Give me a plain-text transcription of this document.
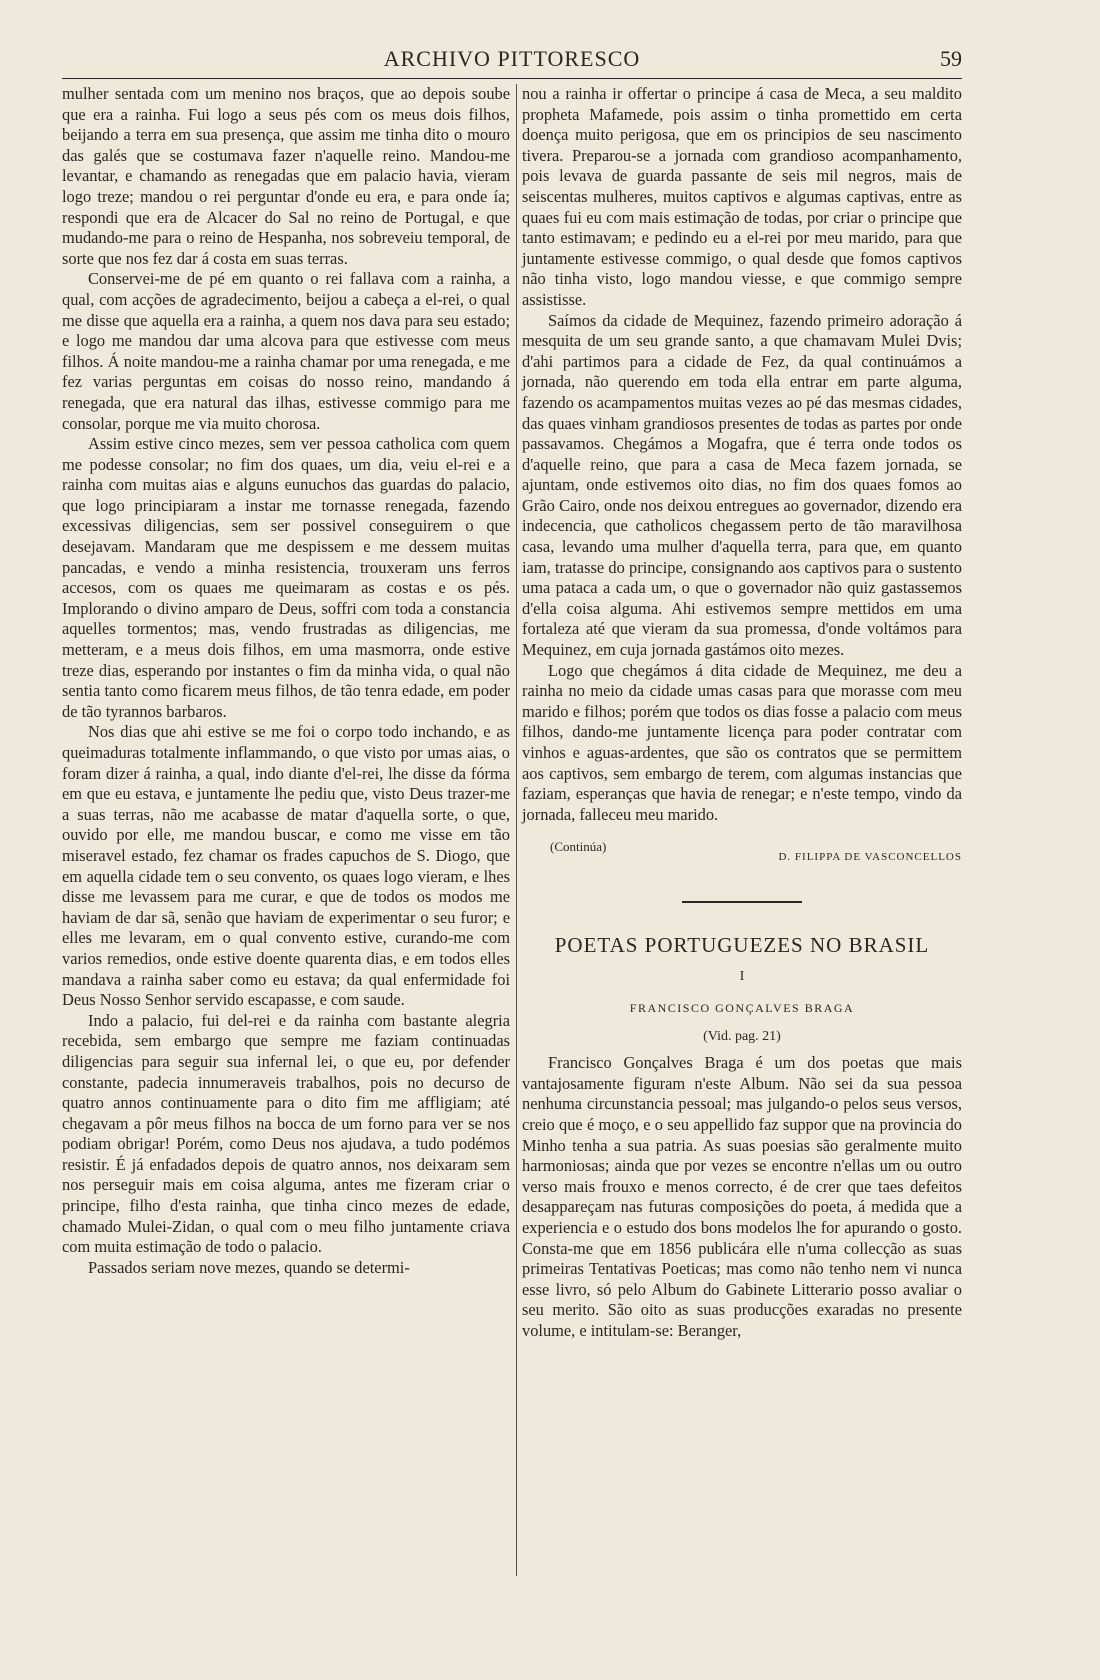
ARCHIVO PITTORESCO	59

mulher sentada com um menino nos braços, que ao depois soube que era a rainha. Fui logo a seus pés com os meus dois filhos, beijando a terra em sua presença, que assim me tinha dito o mouro das galés que se costumava fazer n'aquelle reino. Mandou-me levantar, e chamando as renegadas que em palacio havia, vieram logo treze; mandou o rei perguntar d'onde eu era, e para onde ía; respondi que era de Alcacer do Sal no reino de Portugal, e que mudando-me para o reino de Hespanha, nos sobreveiu temporal, de sorte que nos fez dar á costa em suas terras.

Conservei-me de pé em quanto o rei fallava com a rainha, a qual, com acções de agradecimento, beijou a cabeça a el-rei, o qual me disse que aquella era a rainha, a quem nos dava para seu estado; e logo me mandou dar uma alcova para que estivesse com meus filhos. Á noite mandou-me a rainha chamar por uma renegada, e me fez varias perguntas em coisas do nosso reino, mandando á renegada, que era natural das ilhas, estivesse commigo para me consolar, porque me via muito chorosa.

Assim estive cinco mezes, sem ver pessoa catholica com quem me podesse consolar; no fim dos quaes, um dia, veiu el-rei e a rainha com muitas aias e alguns eunuchos das guardas do palacio, que logo principiaram a instar me tornasse renegada, fazendo excessivas diligencias, sem ser possivel conseguirem o que desejavam. Mandaram que me despissem e me dessem muitas pancadas, e vendo a minha resistencia, trouxeram uns ferros accesos, com os quaes me queimaram as costas e os pés. Implorando o divino amparo de Deus, soffri com toda a constancia aquelles tormentos; mas, vendo frustradas as diligencias, me metteram, e a meus dois filhos, em uma masmorra, onde estive treze dias, esperando por instantes o fim da minha vida, o qual não sentia tanto como ficarem meus filhos, de tão tenra edade, em poder de tão tyrannos barbaros.

Nos dias que ahi estive se me foi o corpo todo inchando, e as queimaduras totalmente inflammando, o que visto por umas aias, o foram dizer á rainha, a qual, indo diante d'el-rei, lhe disse da fórma em que eu estava, e juntamente lhe pediu que, visto Deus trazer-me a suas terras, não me acabasse de matar d'aquella sorte, o que, ouvido por elle, me mandou buscar, e como me visse em tão miseravel estado, fez chamar os frades capuchos de S. Diogo, que em aquella cidade tem o seu convento, os quaes logo vieram, e lhes disse me levassem para me curar, e que de todos os modos me haviam de dar sã, senão que haviam de experimentar o seu furor; e elles me levaram, em o qual convento estive, curando-me com varios remedios, onde estive doente quarenta dias, e em todos elles mandava a rainha saber como eu estava; da qual enfermidade foi Deus Nosso Senhor servido escapasse, e com saude.

Indo a palacio, fui del-rei e da rainha com bastante alegria recebida, sem embargo que sempre me faziam continuadas diligencias para seguir sua infernal lei, o que eu, por defender constante, padecia innumeraveis trabalhos, pois no decurso de quatro annos continuamente para o dito fim me affligiam; até chegavam a pôr meus filhos na bocca de um forno para ver se nos podiam obrigar! Porém, como Deus nos ajudava, a tudo podémos resistir. É já enfadados depois de quatro annos, nos deixaram sem nos perseguir mais em coisa alguma, antes me fizeram criar o principe, filho d'esta rainha, que tinha cinco mezes de edade, chamado Mulei-Zidan, o qual com o meu filho juntamente criava com muita estimação de todo o palacio.

Passados seriam nove mezes, quando se determi-

nou a rainha ir offertar o principe á casa de Meca, a seu maldito propheta Mafamede, pois assim o tinha promettido em certa doença muito perigosa, que em os principios de seu nascimento tivera. Preparou-se a jornada com grandioso acompanhamento, pois levava de guarda passante de seis mil negros, mais de seiscentas mulheres, muitos captivos e algumas captivas, entre as quaes fui eu com mais estimação de todas, por criar o principe que tanto estimavam; e pedindo eu a el-rei por meu marido, para que juntamente estivesse commigo, o qual desde que fomos captivos não tinha visto, logo mandou viesse, e que commigo sempre assistisse.

Saímos da cidade de Mequinez, fazendo primeiro adoração á mesquita de um seu grande santo, a que chamavam Mulei Dvis; d'ahi partimos para a cidade de Fez, da qual continuámos a jornada, não querendo em toda ella entrar em parte alguma, fazendo os acampamentos muitas vezes ao pé das mesmas cidades, das quaes vinham grandiosos presentes de todas as partes por onde passavamos. Chegámos a Mogafra, que é terra onde todos os d'aquelle reino, que para a casa de Meca fazem jornada, se ajuntam, onde estivemos oito dias, no fim dos quaes fomos ao Grão Cairo, onde nos deixou entregues ao governador, dizendo era indecencia, que catholicos chegassem perto de tão maravilhosa casa, levando uma mulher d'aquella terra, para que, em quanto iam, tratasse do principe, consignando aos captivos para o sustento uma pataca a cada um, o que o governador não quiz gastassemos d'ella coisa alguma. Ahi estivemos sempre mettidos em uma fortaleza até que vieram da sua promessa, d'onde voltámos para Mequinez, em cuja jornada gastámos oito mezes.

Logo que chegámos á dita cidade de Mequinez, me deu a rainha no meio da cidade umas casas para que morasse com meu marido e filhos; porém que todos os dias fosse a palacio com meus filhos, dando-me juntamente licença para poder contratar com vinhos e aguas-ardentes, que são os contratos que se permittem aos captivos, sem embargo de terem, com algumas instancias que faziam, esperanças que havia de renegar; e n'este tempo, vindo da jornada, falleceu meu marido.

(Continúa)
D. FILIPPA DE VASCONCELLOS
POETAS PORTUGUEZES NO BRASIL
I
FRANCISCO GONÇALVES BRAGA
(Vid. pag. 21)

Francisco Gonçalves Braga é um dos poetas que mais vantajosamente figuram n'este Album. Não sei da sua pessoa nenhuma circunstancia pessoal; mas julgando-o pelos seus versos, creio que é moço, e o seu appellido faz suppor que na provincia do Minho tenha a sua patria. As suas poesias são geralmente muito harmoniosas; ainda que por vezes se encontre n'ellas um ou outro verso mais frouxo e menos correcto, é de crer que taes defeitos desappareçam nas futuras composições do poeta, á medida que a experiencia e o estudo dos bons modelos lhe for apurando o gosto. Consta-me que em 1856 publicára elle n'uma collecção as suas primeiras Tentativas Poeticas; mas como não tenho nem vi nunca esse livro, só pelo Album do Gabinete Litterario posso avaliar o seu merito. São oito as suas producções exaradas no presente volume, e intitulam-se: Beranger,
